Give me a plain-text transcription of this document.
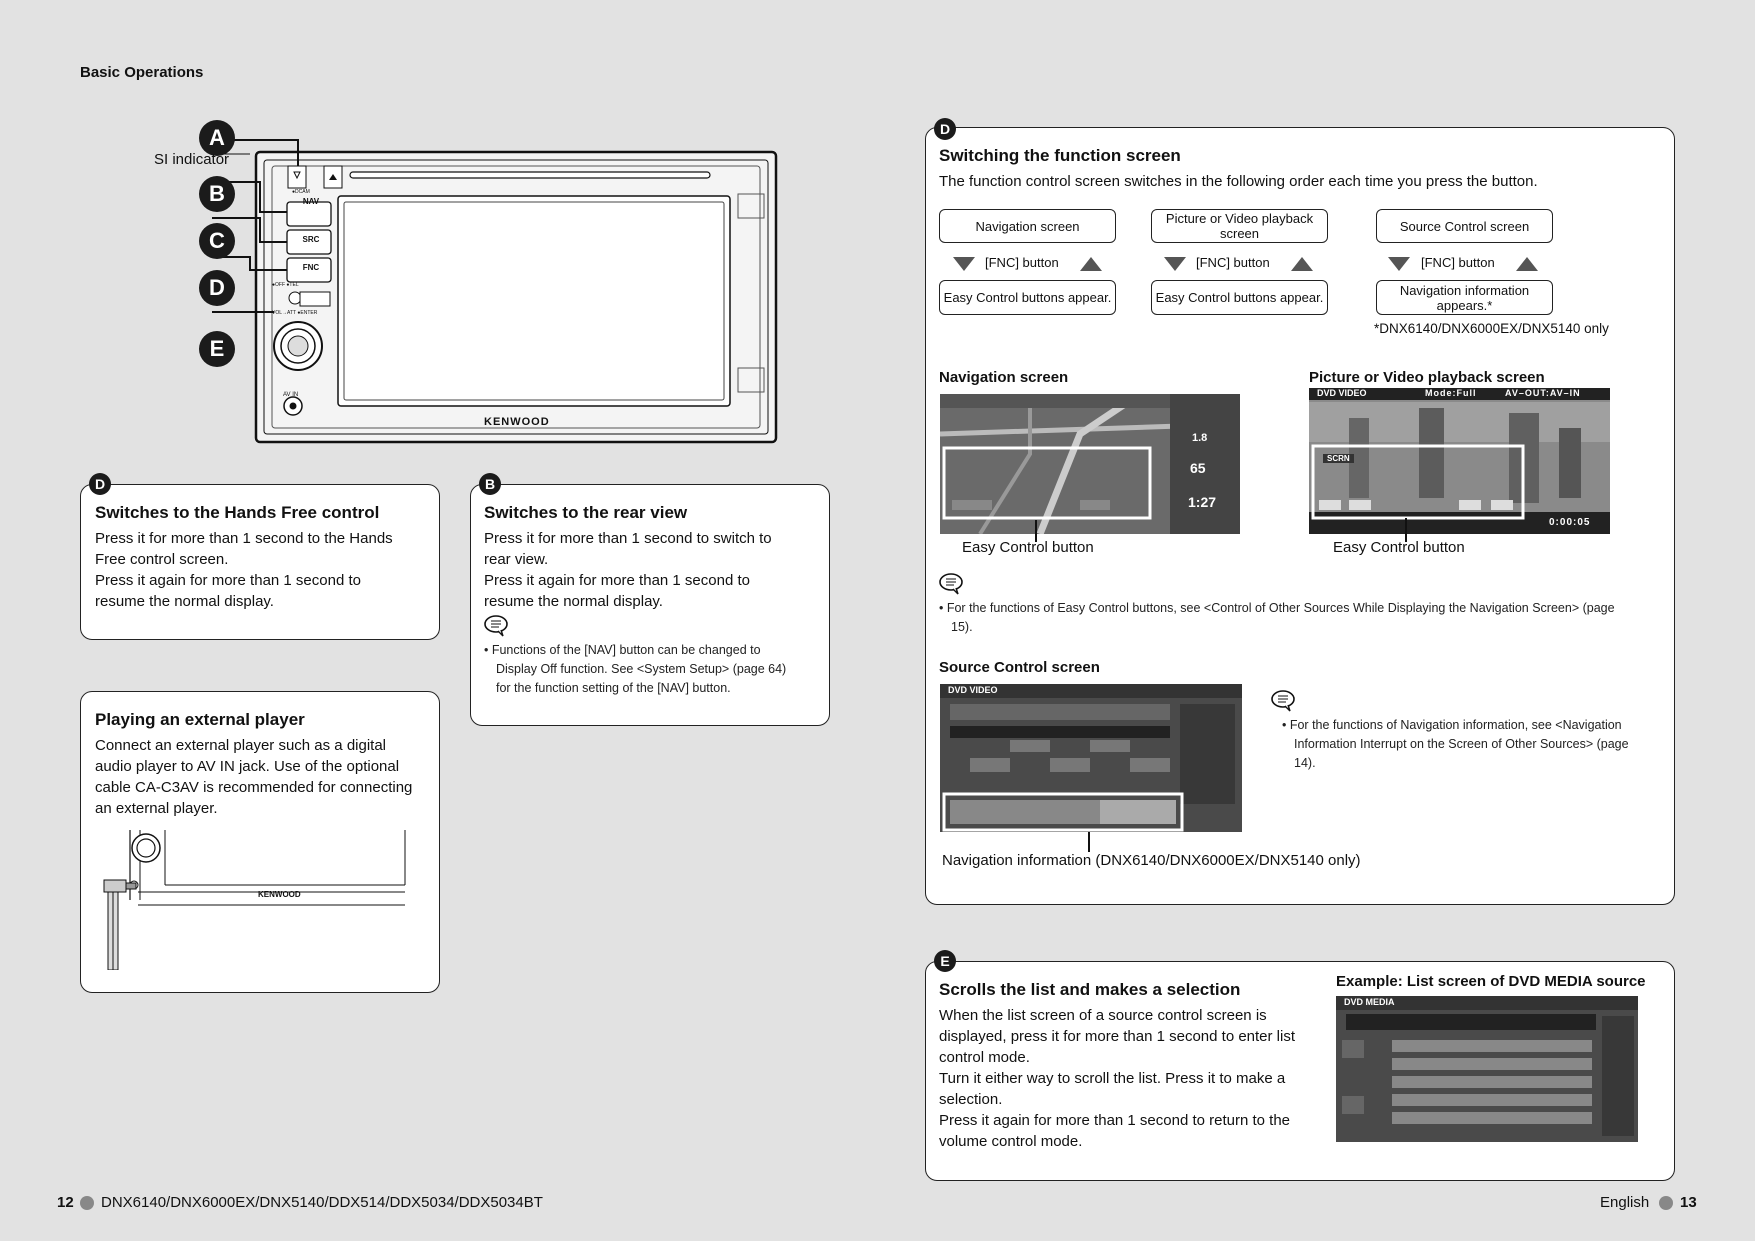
Basic Operations
A
B
C
D
E
SI indicator
NAV
SRC
FNC
●DCAM
●OFF ●TEL
VOL→ATT ●ENTER
AV IN
KENWOOD
D
Switches to the Hands Free control
Press it for more than 1 second to the Hands
Free control screen.
Press it again for more than 1 second to
resume the normal display.
B
Switches to the rear view
Press it for more than 1 second to switch to
rear view.
Press it again for more than 1 second to
resume the normal display.
• Functions of the [NAV] button can be changed to
Display Off function. See <System Setup> (page 64)
for the function setting of the [NAV] button.
Playing an external player
Connect an external player such as a digital
audio player to AV IN jack. Use of the optional
cable CA-C3AV is recommended for connecting
an external player.
KENWOOD
D
Switching the function screen
The function control screen switches in the following order each time you press the button.
Navigation screen	Picture or Video playback screen	Source Control screen
[FNC] button	[FNC] button	[FNC] button
Easy Control buttons appear.	Easy Control buttons appear.	Navigation information appears.*
*DNX6140/DNX6000EX/DNX5140 only
Navigation screen
1.8
65
1:27
Easy Control button
Picture or Video playback screen
DVD VIDEO	Mode:Full	AV–OUT:AV–IN
SCRN
0:00:05
Easy Control button
• For the functions of Easy Control buttons, see <Control of Other Sources While Displaying the Navigation Screen> (page
15).
Source Control screen
DVD VIDEO
Navigation information (DNX6140/DNX6000EX/DNX5140 only)
• For the functions of Navigation information, see <Navigation
Information Interrupt on the Screen of Other Sources> (page
14).
E
Scrolls the list and makes a selection
When the list screen of a source control screen is
displayed, press it for more than 1 second to enter list
control mode.
Turn it either way to scroll the list. Press it to make a
selection.
Press it again for more than 1 second to return to the
volume control mode.
Example: List screen of DVD MEDIA source
DVD MEDIA
12 DNX6140/DNX6000EX/DNX5140/DDX514/DDX5034/DDX5034BT	English 13
